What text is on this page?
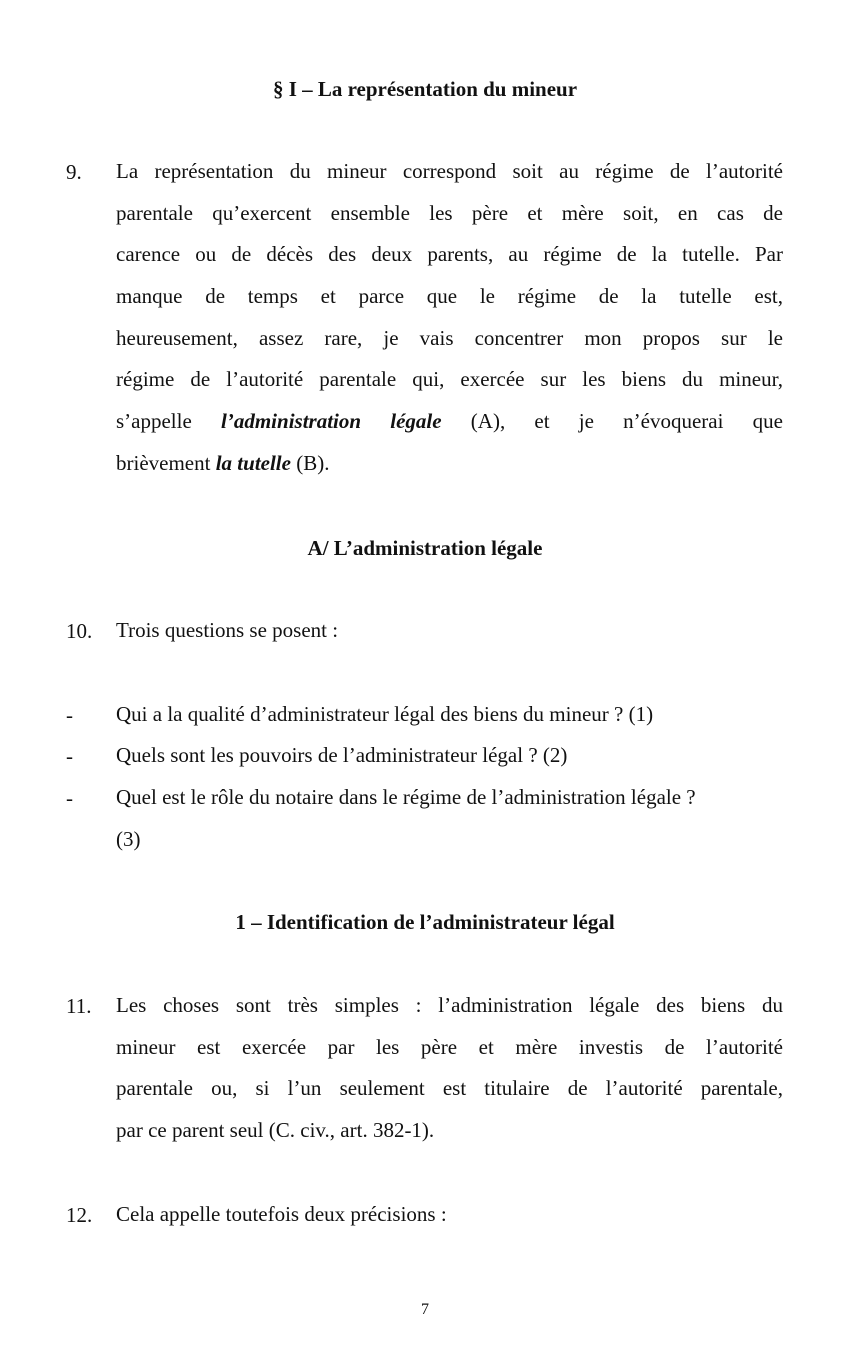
§ I – La représentation du mineur
9. La représentation du mineur correspond soit au régime de l’autorité
parentale qu’exercent ensemble les père et mère soit, en cas de
carence ou de décès des deux parents, au régime de la tutelle. Par
manque de temps et parce que le régime de la tutelle est,
heureusement, assez rare, je vais concentrer mon propos sur le
régime de l’autorité parentale qui, exercée sur les biens du mineur,
s’appelle l’administration légale (A), et je n’évoquerai que
brièvement la tutelle (B).
A/ L’administration légale
10. Trois questions se posent :
- Qui a la qualité d’administrateur légal des biens du mineur ? (1)
- Quels sont les pouvoirs de l’administrateur légal ? (2)
- Quel est le rôle du notaire dans le régime de l’administration légale ?
(3)
1 – Identification de l’administrateur légal
11. Les choses sont très simples : l’administration légale des biens du
mineur est exercée par les père et mère investis de l’autorité
parentale ou, si l’un seulement est titulaire de l’autorité parentale,
par ce parent seul (C. civ., art. 382-1).
12. Cela appelle toutefois deux précisions :
7
